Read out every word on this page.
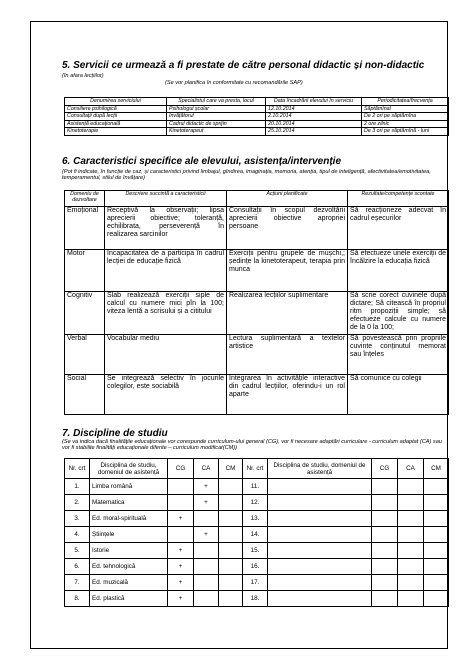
5. Servicii ce urmează a fi prestate de către personal didactic și non-didactic
(în afara lecțiilor)
(Se vor planifica în conformitate cu recomandările SAP)
Denumirea serviciului	Specialistul care va presta, locul	Data încadrării elevului în serviciu	Periodicitatea/frecvența
Consiliere psihilogică	Psihologul școlar	12.10.2014	Săptămînal
Consultații după lecții	Învățătorul	2.10.2014	De 2 ori pe săptămîna
Asistență educațională	Cadrul didactic de sprijin	20.10.2014	2 ore zilnic
Kinetoterapie	Kinetoterapeut	25.10.2014	De 3 ori pe săptămînă - luni
6. Caracteristici specifice ale elevului, asistența/intervenție
(Pot fi indicate, în funcție de caz, și caracteristici privind limbajul, gîndirea, imaginația, memoria, atenția, tipul de inteligență, afectivitatea/emotivitatea, temperamentul, stilul de învățare)
Domeniu de dezvoltare	Descriere succintă a caracteristicii	Acțiuni planificate	Rezultate/competențe scontate
Emoțional	Receptivă la observații; lipsa aprecierii obiective; toleranță, echilibrata, perseverență în realizarea sarcinilor	Consultații în scopul dezvoltării aprecierii obiective apropriei persoane	Să reacționeze adecvat în cadrul eșecurilor
Motor	Incapacitatea de a participa în cadrul lecției de educație fizică	Exerciții pentru grupele de mușchi,; ședințe la kinetoterapeut, terapia prin munca	Să efectueze unele exerciții de încălzire la educația fizică
Cognitiv	Slab realizează exerciții siple de calcul cu numere mici pîn la 100; viteza lentă a scrisului și a cititului	Realizarea lecțiilor suplimentare	Să scrie corect cuvinele după dictare; Să citească în propriul ritm propoziții simple; să efectueze calcule cu numere de la 0 la 100;
Verbal	Vocabular mediu	Lectura suplimentară a textelor artistice	Să povestească prin propriile cuvinte conținutul memorat sau înțeles
Social	Se integrează selectiv în jocurile colegilor, este sociabilă	Integrarea în activitățile interactive din cadrul lecțiilor, oferindu-i un rol aparte	Să comunice cu colegii
7. Discipline de studiu
(Se va indica dacă finalitățile educaționale vor corespunde curriculum-ului general (CG), vor fi necesare adaptări curriculare - curriculum adaptat (CA) sau vor fi stabilite finalități educaționale diferite – curriculum modificat(CM))
Nr. crt	Disciplina de studiu, domeniul de asistență	CG	CA	CM	Nr. crt	Disciplina de studiu, domeniul de asistență	CG	CA	CM
1.	Limba română		+		11.				
2.	Matematica		+		12.				
3.	Ed. moral-spirituală	+			13.				
4.	Științele		+		14.				
5.	Istorie	+			15.				
6.	Ed. tehnologică	+			16.				
7.	Ed. muzicală	+			17.				
8.	Ed. plastică	+			18.				
